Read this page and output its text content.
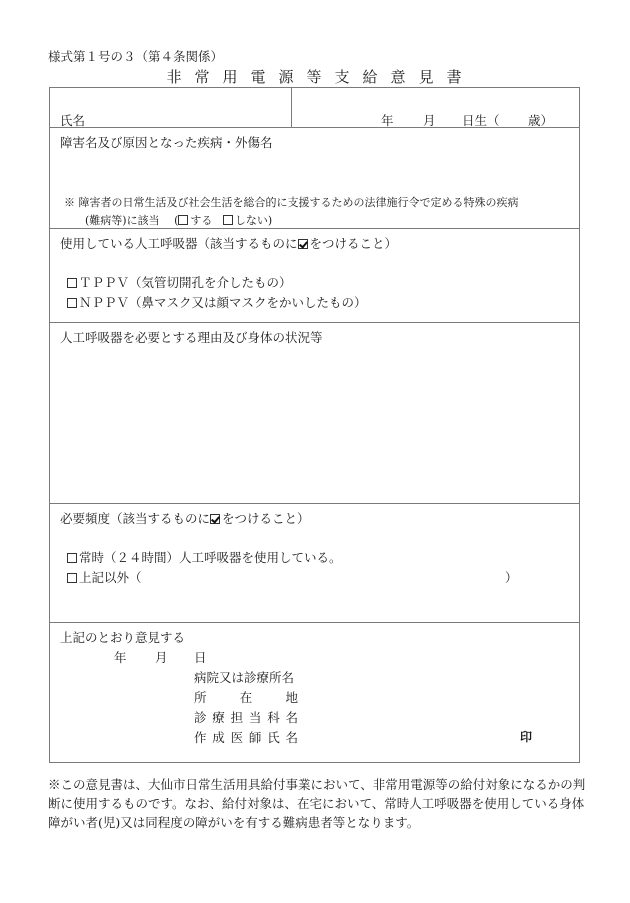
様式第１号の３（第４条関係）
非常用電源等支給意見書
氏名	年 月 日生（ 歳）
障害名及び原因となった疾病・外傷名
※ 障害者の日常生活及び社会生活を総合的に支援するための法律施行令で定める特殊の疾病
(難病等)に該当　 ( する しない)
使用している人工呼吸器（該当するものに をつけること）
ＴＰＰＶ（気管切開孔を介したもの）
ＮＰＰＶ（鼻マスク又は顔マスクをかいしたもの）
人工呼吸器を必要とする理由及び身体の状況等
必要頻度（該当するものに をつけること）
常時（２４時間）人工呼吸器を使用している。
上記以外（	）
上記のとおり意見する
年 月 日
病院又は診療所名
所在地
診療担当科名
作成医師氏名	印
※この意見書は、大仙市日常生活用具給付事業において、非常用電源等の給付対象になるかの判断に使用するものです。なお、給付対象は、在宅において、常時人工呼吸器を使用している身体障がい者(児)又は同程度の障がいを有する難病患者等となります。
